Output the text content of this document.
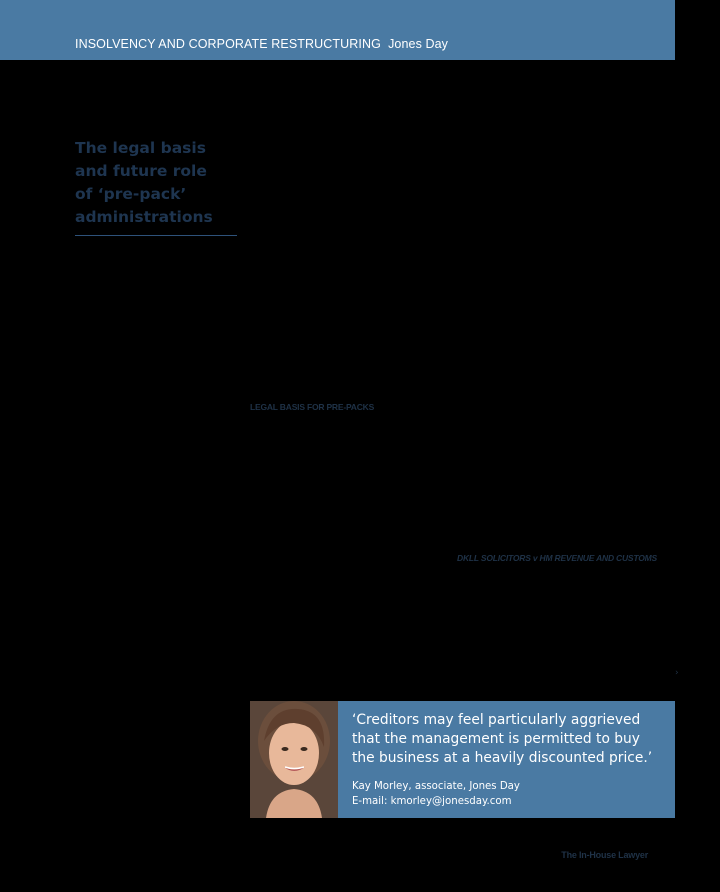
INSOLVENCY AND CORPORATE RESTRUCTURING  Jones Day
The legal basis
and future role
of ‘pre-pack’
administrations
LEGAL BASIS FOR PRE-PACKS
DKLL SOLICITORS v HM REVENUE AND CUSTOMS
›

‘Creditors may feel particularly aggrieved
that the management is permitted to buy
the business at a heavily discounted price.’

Kay Morley, associate, Jones Day
E-mail: kmorley@jonesday.com
The In-House Lawyer
